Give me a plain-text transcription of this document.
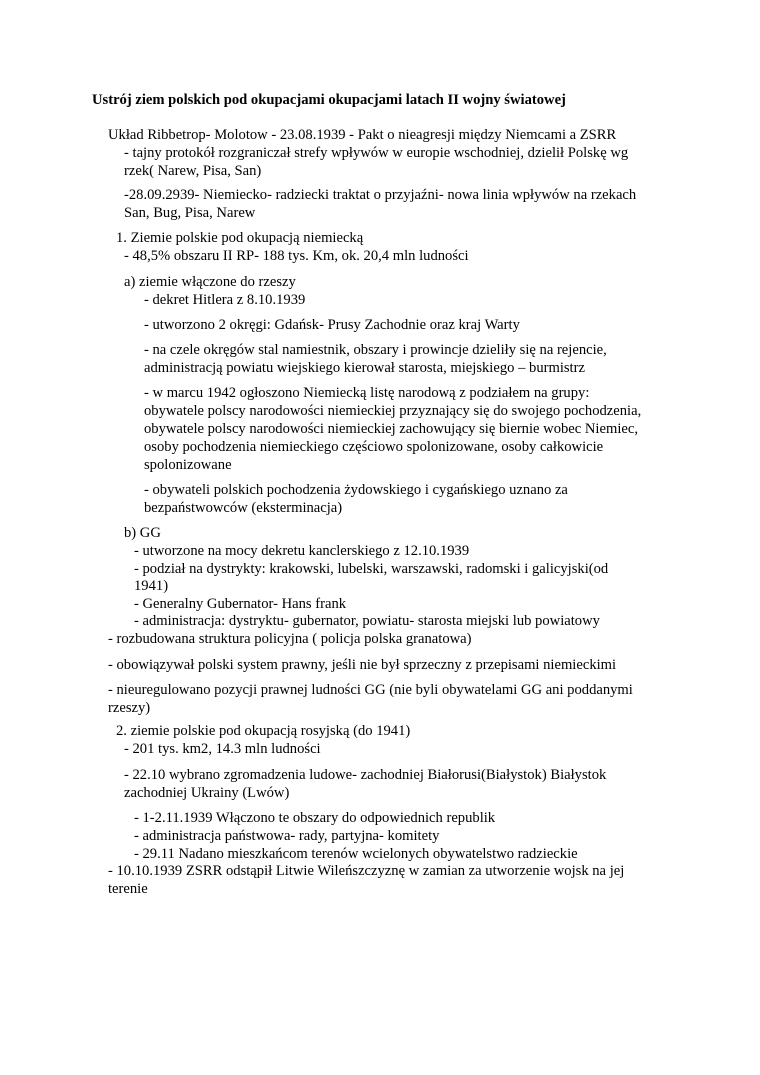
Ustrój ziem polskich pod okupacjami okupacjami latach II wojny światowej
Układ Ribbetrop- Molotow - 23.08.1939 - Pakt o nieagresji między Niemcami a ZSRR
- tajny protokół rozgraniczał strefy wpływów w europie wschodniej, dzielił Polskę wg
rzek( Narew, Pisa, San)
-28.09.2939- Niemiecko- radziecki traktat o przyjaźni- nowa linia wpływów na rzekach
San, Bug, Pisa, Narew
1. Ziemie polskie pod okupacją niemiecką
- 48,5% obszaru II RP- 188 tys. Km, ok. 20,4 mln ludności
a) ziemie włączone do rzeszy
- dekret Hitlera z 8.10.1939
- utworzono 2 okręgi: Gdańsk- Prusy Zachodnie oraz kraj Warty
- na czele okręgów stal namiestnik, obszary i prowincje dzieliły się na rejencie,
administracją powiatu wiejskiego kierował starosta, miejskiego – burmistrz
- w marcu 1942 ogłoszono Niemiecką listę narodową z podziałem na grupy:
obywatele polscy narodowości niemieckiej przyznający się do swojego pochodzenia,
obywatele polscy narodowości niemieckiej zachowujący się biernie wobec Niemiec,
osoby pochodzenia niemieckiego częściowo spolonizowane, osoby całkowicie
spolonizowane
- obywateli polskich pochodzenia żydowskiego i cygańskiego uznano za
bezpaństwowców (eksterminacja)
b) GG
- utworzone na mocy dekretu kanclerskiego z 12.10.1939
- podział na dystrykty: krakowski, lubelski, warszawski, radomski i galicyjski(od
1941)
- Generalny Gubernator- Hans frank
- administracja: dystryktu- gubernator, powiatu- starosta miejski lub powiatowy
- rozbudowana struktura policyjna ( policja polska granatowa)
- obowiązywał polski system prawny, jeśli nie był sprzeczny z przepisami niemieckimi
- nieuregulowano pozycji prawnej ludności GG (nie byli obywatelami GG ani poddanymi
rzeszy)
2. ziemie polskie pod okupacją rosyjską (do 1941)
- 201 tys. km2, 14.3 mln ludności
- 22.10 wybrano zgromadzenia ludowe- zachodniej Białorusi(Białystok) Białystok
zachodniej Ukrainy (Lwów)
- 1-2.11.1939 Włączono te obszary do odpowiednich republik
- administracja państwowa- rady, partyjna- komitety
- 29.11 Nadano mieszkańcom terenów wcielonych obywatelstwo radzieckie
- 10.10.1939 ZSRR odstąpił Litwie Wileńszczyznę w zamian za utworzenie wojsk na jej
terenie
